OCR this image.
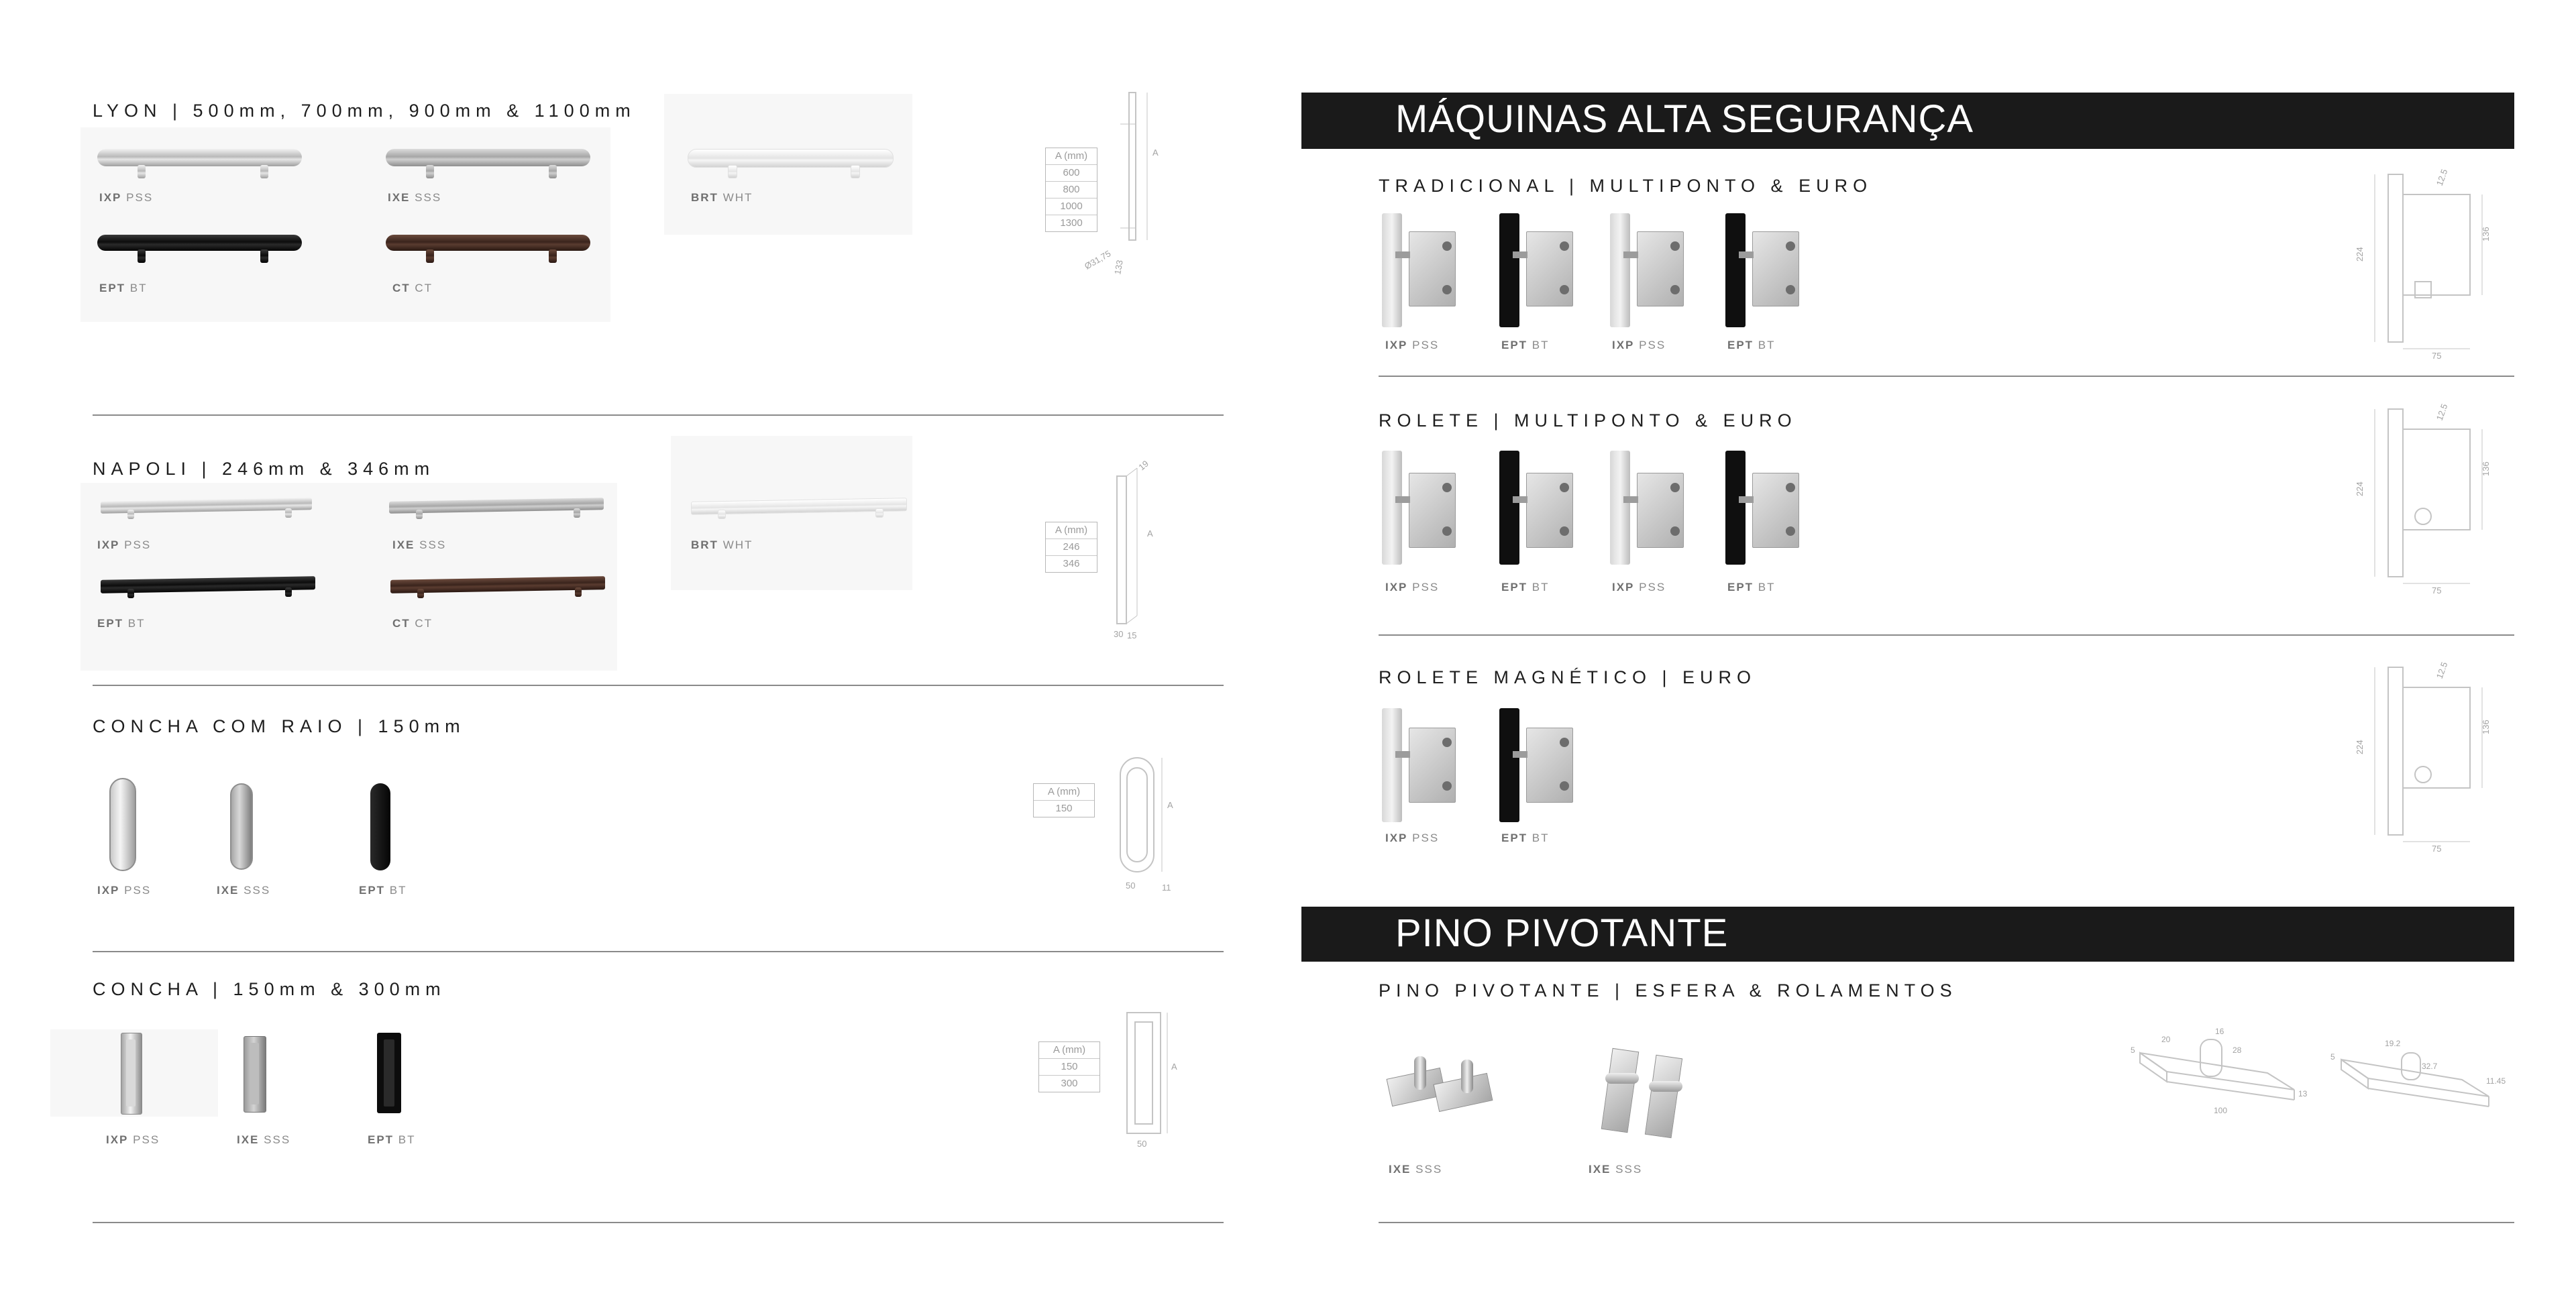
LYON | 500mm, 700mm, 900mm & 1100mm
IXP PSS	IXE SSS	BRT WHT
EPT BT	CT CT
A
Ø31,75 133
A (mm)
600
800
1000
1300
NAPOLI | 246mm & 346mm
IXP PSS	IXE SSS	BRT WHT
EPT BT	CT CT
19
A
30 15
A (mm)
246
346
CONCHA COM RAIO | 150mm
IXP PSS	IXE SSS	EPT BT
A
50	11
A (mm)
150
CONCHA | 150mm & 300mm
IXP PSS	IXE SSS	EPT BT
A
50
A (mm)
150
300
MÁQUINAS ALTA SEGURANÇA
TRADICIONAL | MULTIPONTO & EURO
IXP PSS	EPT BT	IXP PSS	EPT BT
224
136
75
12.5
ROLETE | MULTIPONTO & EURO
IXP PSS	EPT BT	IXP PSS	EPT BT
224
136
75
12.5
ROLETE MAGNÉTICO | EURO
IXP PSS	EPT BT
224
136
75
12.5
PINO PIVOTANTE
PINO PIVOTANTE | ESFERA & ROLAMENTOS
IXE SSS	IXE SSS
5
20
16
28
13
100
5
19.2
32.7
11.45
